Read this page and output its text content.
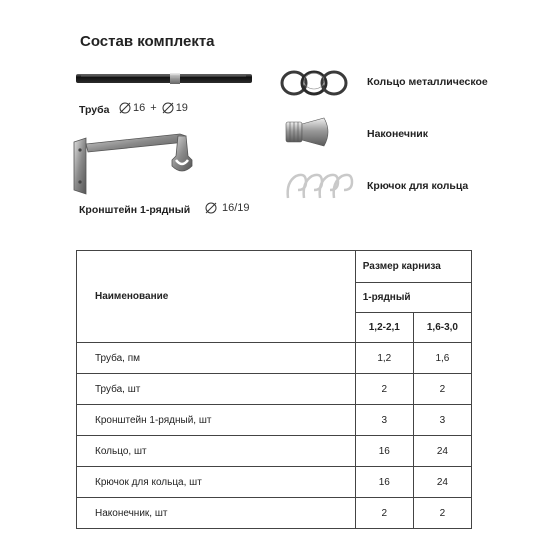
Состав комплекта
Труба 16 + 19
Кронштейн 1-рядный	16/19
Кольцо металлическое
Наконечник
Крючок для кольца
Наименование	Размер карниза	
	1-рядный	
	1,2-2,1	1,6-3,0
Труба, пм	1,2	1,6
Труба, шт	2	2
Кронштейн 1-рядный, шт	3	3
Кольцо, шт	16	24
Крючок для кольца, шт	16	24
Наконечник, шт	2	2
